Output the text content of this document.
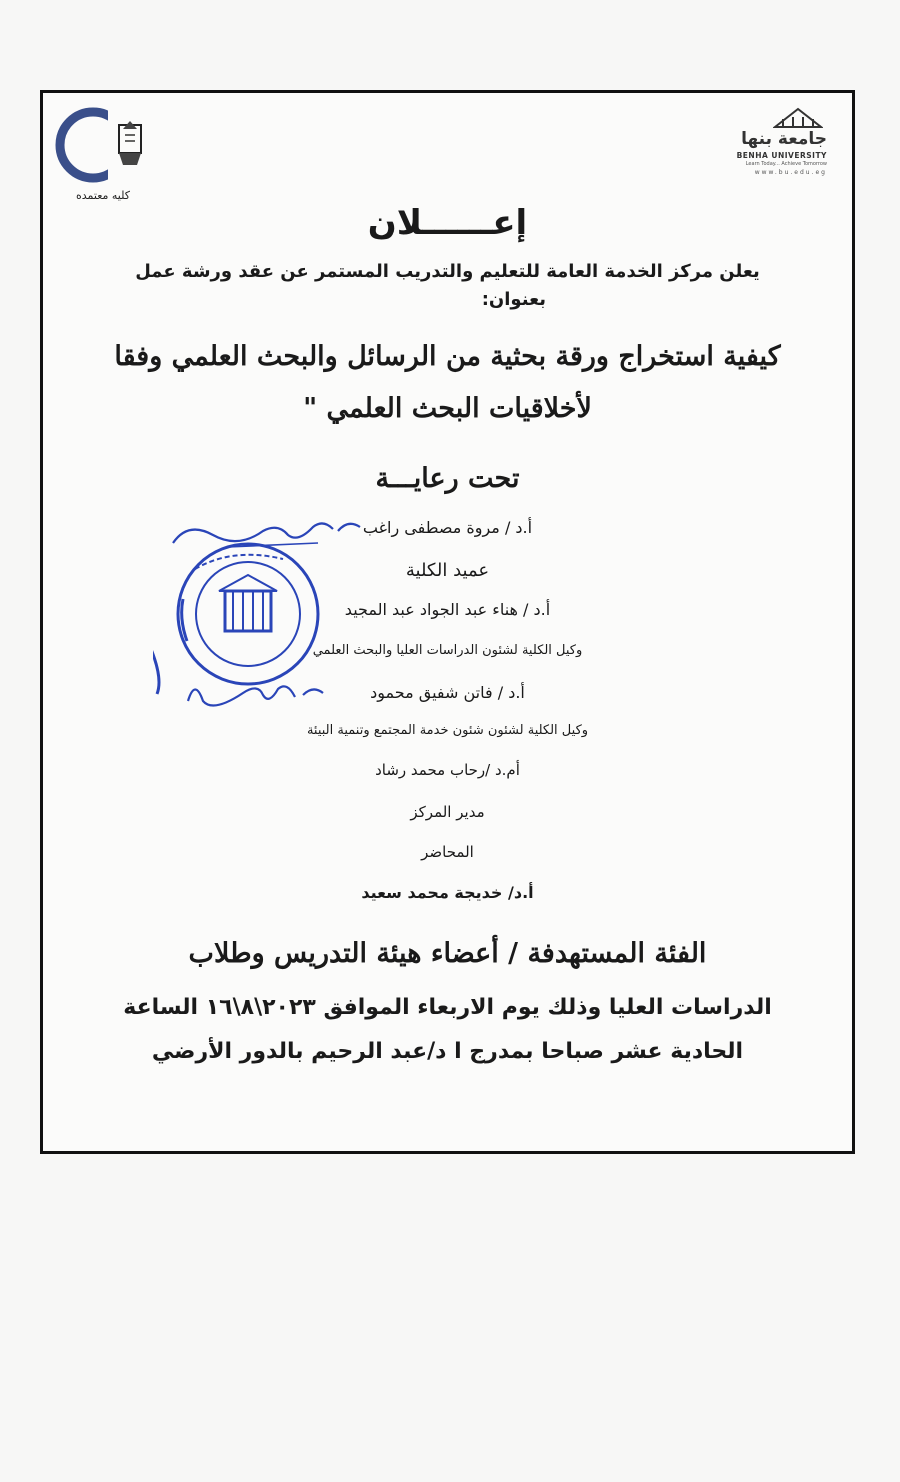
كليه معتمده
جامعة بنها
BENHA UNIVERSITY
Learn Today... Achieve Tomorrow
www.bu.edu.eg
إعــــــلان
يعلن مركز الخدمة العامة للتعليم والتدريب المستمر عن عقد ورشة عمل
بعنوان:
كيفية استخراج ورقة بحثية من الرسائل والبحث العلمي وفقا
لأخلاقيات البحث العلمي "
تحت رعايـــة
أ.د / مروة مصطفى راغب
عميد الكلية
أ.د / هناء عبد الجواد عبد المجيد
وكيل الكلية لشئون الدراسات العليا والبحث العلمي
أ.د / فاتن شفيق محمود
وكيل الكلية لشئون شئون خدمة المجتمع وتنمية البيئة
أم.د /رحاب محمد رشاد
مدير المركز
المحاضر
أ.د/ خديجة محمد سعيد
الفئة المستهدفة / أعضاء هيئة التدريس وطلاب
الدراسات العليا وذلك يوم الاربعاء الموافق ٢٠٢٣\٨\١٦ الساعة
الحادية عشر صباحا بمدرج ا د/عبد الرحيم بالدور الأرضي
